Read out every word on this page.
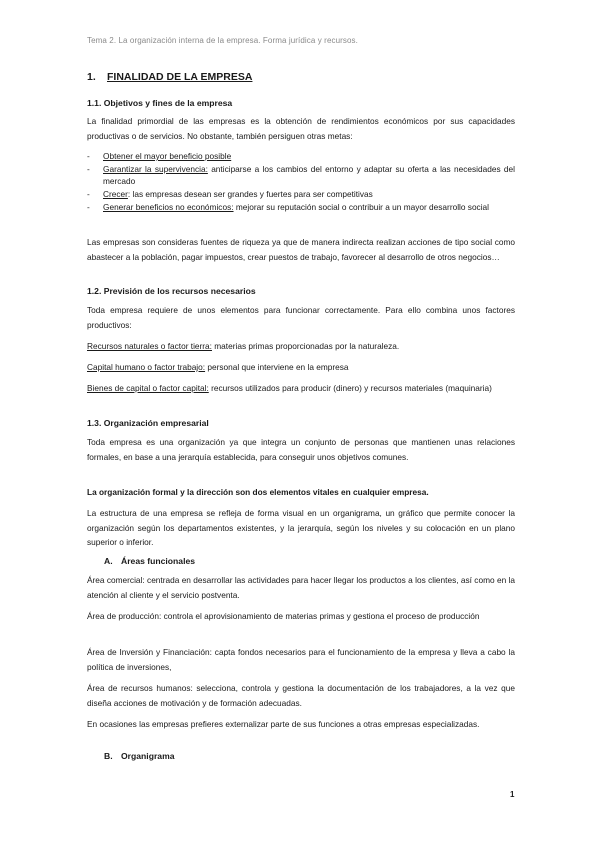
Tema 2. La organización interna de la empresa. Forma jurídica y recursos.
1. FINALIDAD DE LA EMPRESA
1.1. Objetivos y fines de la empresa
La finalidad primordial de las empresas es la obtención de rendimientos económicos por sus capacidades productivas o de servicios. No obstante, también persiguen otras metas:
- Obtener el mayor beneficio posible
- Garantizar la supervivencia: anticiparse a los cambios del entorno y adaptar su oferta a las necesidades del mercado
- Crecer: las empresas desean ser grandes y fuertes para ser competitivas
- Generar beneficios no económicos: mejorar su reputación social o contribuir a un mayor desarrollo social
Las empresas son consideras fuentes de riqueza ya que de manera indirecta realizan acciones de tipo social como abastecer a la población, pagar impuestos, crear puestos de trabajo, favorecer al desarrollo de otros negocios…
1.2. Previsión de los recursos necesarios
Toda empresa requiere de unos elementos para funcionar correctamente. Para ello combina unos factores productivos:
Recursos naturales o factor tierra: materias primas proporcionadas por la naturaleza.
Capital humano o factor trabajo: personal que interviene en la empresa
Bienes de capital o factor capital: recursos utilizados para producir (dinero) y recursos materiales (maquinaria)
1.3. Organización empresarial
Toda empresa es una organización ya que integra un conjunto de personas que mantienen unas relaciones formales, en base a una jerarquía establecida, para conseguir unos objetivos comunes.
La organización formal y la dirección son dos elementos vitales en cualquier empresa.
La estructura de una empresa se refleja de forma visual en un organigrama, un gráfico que permite conocer la organización según los departamentos existentes, y la jerarquía, según los niveles y su colocación en un plano superior o inferior.
A. Áreas funcionales
Área comercial: centrada en desarrollar las actividades para hacer llegar los productos a los clientes, así como en la atención al cliente y el servicio postventa.
Área de producción: controla el aprovisionamiento de materias primas y gestiona el proceso de producción
Área de Inversión y Financiación: capta fondos necesarios para el funcionamiento de la empresa y lleva a cabo la política de inversiones,
Área de recursos humanos: selecciona, controla y gestiona la documentación de los trabajadores, a la vez que diseña acciones de motivación y de formación adecuadas.
En ocasiones las empresas prefieres externalizar parte de sus funciones a otras empresas especializadas.
B. Organigrama
1
